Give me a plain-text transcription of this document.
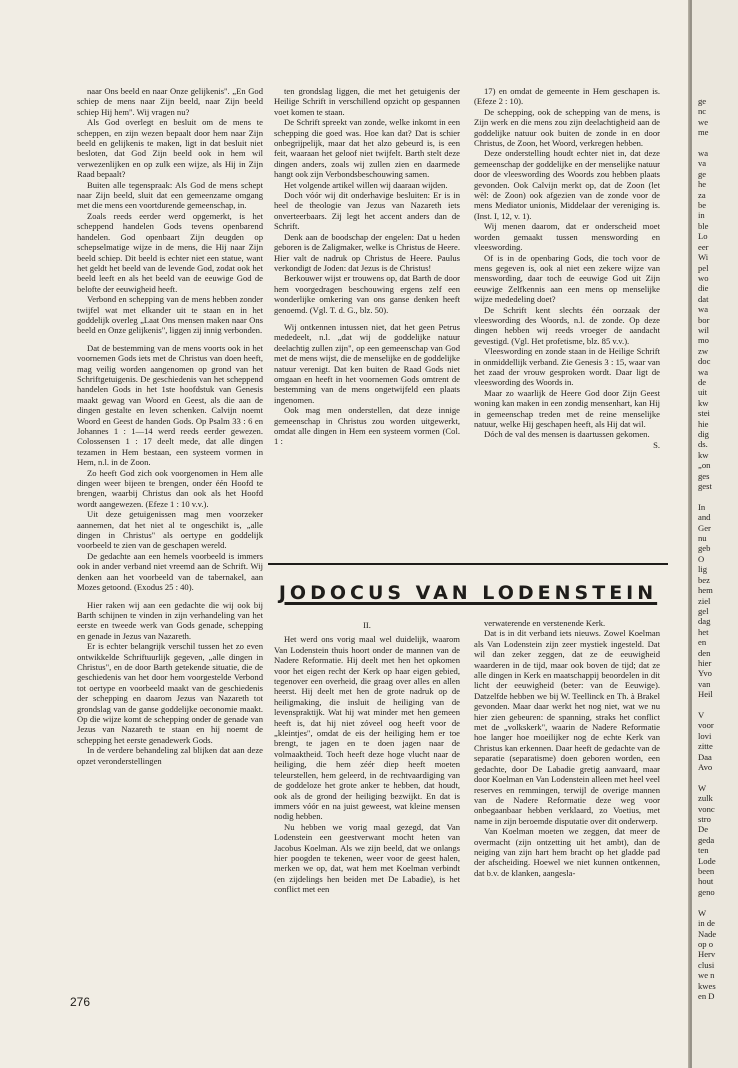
naar Ons beeld en naar Onze gelijkenis". „En God schiep de mens naar Zijn beeld, naar Zijn beeld schiep Hij hem". Wij vragen nu?

Als God overlegt en besluit om de mens te scheppen, en zijn wezen bepaalt door hem naar Zijn beeld en gelijkenis te maken, ligt in dat besluit niet besloten, dat God Zijn beeld ook in hem wil verwezenlijken en op zulk een wijze, als Hij in Zijn Raad bepaalt?

Buiten alle tegenspraak: Als God de mens schept naar Zijn beeld, sluit dat een gemeenzame omgang met die mens een voortdurende gemeenschap, in.

Zoals reeds eerder werd opgemerkt, is het scheppend handelen Gods tevens openbarend handelen. God openbaart Zijn deugden op schepselmatige wijze in de mens, die Hij naar Zijn beeld schiep. Dit beeld is echter niet een statue, want het geldt het beeld van de levende God, zodat ook het beeld leeft en als het beeld van de eeuwige God de belofte der eeuwigheid heeft.

Verbond en schepping van de mens hebben zonder twijfel wat met elkander uit te staan en in het goddelijk overleg „Laat Ons mensen maken naar Ons beeld en Onze gelijkenis", liggen zij innig verbonden.

Dat de bestemming van de mens voorts ook in het voornemen Gods iets met de Christus van doen heeft, mag veilig worden aangenomen op grond van het Schriftgetuigenis. De geschiedenis van het scheppend handelen Gods in het 1ste hoofdstuk van Genesis maakt gewag van Woord en Geest, als die aan de dingen gestalte en leven schenken. Calvijn noemt Woord en Geest de handen Gods. Op Psalm 33 : 6 en Johannes 1 : 1—14 werd reeds eerder gewezen. Colossensen 1 : 17 deelt mede, dat alle dingen tezamen in Hem bestaan, een systeem vormen in Hem, n.l. in de Zoon.

Zo heeft God zich ook voorgenomen in Hem alle dingen weer bijeen te brengen, onder één Hoofd te brengen, waarbij Christus dan ook als het Hoofd wordt aangewezen. (Efeze 1 : 10 v.v.).

Uit deze getuigenissen mag men voorzeker aannemen, dat het niet al te ongeschikt is, „alle dingen in Christus" als oertype en goddelijk voorbeeld te zien van de geschapen wereld.

De gedachte aan een hemels voorbeeld is immers ook in ander verband niet vreemd aan de Schrift. Wij denken aan het voorbeeld van de tabernakel, aan Mozes getoond. (Exodus 25 : 40).

Hier raken wij aan een gedachte die wij ook bij Barth schijnen te vinden in zijn verhandeling van het eerste en tweede werk van Gods genade, schepping en genade in Jezus van Nazareth.

Er is echter belangrijk verschil tussen het zo even ontwikkelde Schriftuurlijk gegeven, „alle dingen in Christus", en de door Barth getekende situatie, die de geschiedenis van het door hem voorgestelde Verbond tot oertype en voorbeeld maakt van de geschiedenis der schepping en daarom Jezus van Nazareth tot grondslag van de ganse goddelijke oeconomie maakt. Op die wijze komt de schepping onder de genade van Jezus van Nazareth te staan en hij noemt de schepping het eerste genadewerk Gods.

In de verdere behandeling zal blijken dat aan deze opzet veronderstellingen

ten grondslag liggen, die met het getuigenis der Heilige Schrift in verschillend opzicht op gespannen voet komen te staan.

De Schrift spreekt van zonde, welke inkomt in een schepping die goed was. Hoe kan dat? Dat is schier onbegrijpelijk, maar dat het alzo gebeurd is, is een feit, waaraan het geloof niet twijfelt. Barth stelt deze dingen anders, zoals wij zullen zien en daarmede hangt ook zijn Verbondsbeschouwing samen.

Het volgende artikel willen wij daaraan wijden.

Doch vóór wij dit onderhavige besluiten: Er is in heel de theologie van Jezus van Nazareth iets onverteerbaars. Zij legt het accent anders dan de Schrift.

Denk aan de boodschap der engelen: Dat u heden geboren is de Zaligmaker, welke is Christus de Heere. Hier valt de nadruk op Christus de Heere. Paulus verkondigt de Joden: dat Jezus is de Christus!

Berkouwer wijst er trouwens op, dat Barth de door hem voorgedragen beschouwing ergens zelf een wonderlijke omkering van ons ganse denken heeft genoemd. (Vgl. T. d. G., blz. 50).

Wij ontkennen intussen niet, dat het geen Petrus mededeelt, n.l. „dat wij de goddelijke natuur deelachtig zullen zijn", op een gemeenschap van God met de mens wijst, die de menselijke en de goddelijke natuur verenigt. Dat ken buiten de Raad Gods niet omgaan en heeft in het voornemen Gods omtrent de bestemming van de mens ongetwijfeld een plaats ingenomen.

Ook mag men onderstellen, dat deze innige gemeenschap in Christus zou worden uitgewerkt, omdat alle dingen in Hem een systeem vormen (Col. 1 :

17) en omdat de gemeente in Hem geschapen is. (Efeze 2 : 10).

De schepping, ook de schepping van de mens, is Zijn werk en die mens zou zijn deelachtigheid aan de goddelijke natuur ook buiten de zonde in en door Christus, de Zoon, het Woord, verkregen hebben.

Deze onderstelling houdt echter niet in, dat deze gemeenschap der goddelijke en der menselijke natuur door de vleeswording des Woords zou hebben plaats gevonden. Ook Calvijn merkt op, dat de Zoon (let wèl: de Zoon) ook afgezien van de zonde voor de mens Mediator unionis, Middelaar der vereniging is. (Inst. I, 12, v. 1).

Wij menen daarom, dat er onderscheid moet worden gemaakt tussen menswording en vleeswording.

Of is in de openbaring Gods, die toch voor de mens gegeven is, ook al niet een zekere wijze van menswording, daar toch de eeuwige God uit Zijn eeuwige Zelfkennis aan een mens op menselijke wijze mededeling doet?

De Schrift kent slechts één oorzaak der vleeswording des Woords, n.l. de zonde. Op deze dingen hebben wij reeds vroeger de aandacht gevestigd. (Vgl. Het profetisme, blz. 85 v.v.).

Vleeswording en zonde staan in de Heilige Schrift in onmiddellijk verband. Zie Genesis 3 : 15, waar van het zaad der vrouw gesproken wordt. Daar ligt de vleeswording des Woords in.

Maar zo waarlijk de Heere God door Zijn Geest woning kan maken in een zondig mensenhart, kan Hij in gemeenschap treden met de reine menselijke natuur, welke Hij geschapen heeft, als Hij dat wil.

Dóch de val des mensen is daartussen gekomen.

S.

JODOCUS VAN LODENSTEIN

II.

Het werd ons vorig maal wel duidelijk, waarom Van Lodenstein thuis hoort onder de mannen van de Nadere Reformatie. Hij deelt met hen het opkomen voor het eigen recht der Kerk op haar eigen gebied, tegenover een overheid, die graag over alles en allen heerst. Hij deelt met hen de grote nadruk op de heiligmaking, die insluit de heiliging van de levenspraktijk. Wat hij wat minder met hen gemeen heeft is, dat hij niet zóveel oog heeft voor de „kleintjes", omdat de eis der heiliging hem er toe brengt, te jagen en te doen jagen naar de volmaaktheid. Toch heeft deze hoge vlucht naar de heiliging, die hem zéér diep heeft moeten teleurstellen, hem geleerd, in de rechtvaardiging van de goddeloze het grote anker te hebben, dat houdt, ook als de grond der heiliging bezwijkt. En dat is immers vóór en na juist geweest, wat kleine mensen nodig hebben.

Nu hebben we vorig maal gezegd, dat Van Lodenstein een geestverwant mocht heten van Jacobus Koelman. Als we zijn beeld, dat we onlangs hier poogden te tekenen, weer voor de geest halen, merken we op, dat, wat hem met Koelman verbindt (en zijdelings hen beiden met De Labadie), is het conflict met een

verwaterende en verstenende Kerk.

Dat is in dit verband iets nieuws. Zowel Koelman als Van Lodenstein zijn zeer mystiek ingesteld. Dat wil dan zeker zeggen, dat ze de eeuwigheid waarderen in de tijd, maar ook boven de tijd; dat ze alle dingen in Kerk en maatschappij beoordelen in dit licht der eeuwigheid (beter: van de Eeuwige). Datzelfde hebben we bij W. Teellinck en Th. à Brakel gevonden. Maar daar werkt het nog niet, wat we nu hier zien gebeuren: de spanning, straks het conflict met de „volkskerk", waarin de Nadere Reformatie hoe langer hoe moeilijker nog de echte Kerk van Christus kan erkennen. Daar heeft de gedachte van de separatie (separatisme) doen geboren worden, een gedachte, door De Labadie gretig aanvaard, maar door Koelman en Van Lodenstein alleen met heel veel reserves en remmingen, terwijl de overige mannen van de Nadere Reformatie deze weg voor onbegaanbaar hebben verklaard, zo Voetius, met name in zijn beroemde disputatie over dit onderwerp.

Van Koelman moeten we zeggen, dat meer de overmacht (zijn ontzetting uit het ambt), dan de neiging van zijn hart hem bracht op het gladde pad der afscheiding. Hoewel we niet kunnen ontkennen, dat b.v. de klanken, aangesla-

276
ge
nc
we
me

wa
va
ge
he
za
be
in
ble
Lo
eer
Wi
pel
wo
die
dat
wa
bor
wil
mo
zw
doc
wa
de
uit
kw
stei
hie
dig
ds.
kw
„on
ges
gest

In
and
Ger
nu
geb
O
lig
bez
hem
ziel
gel
dag
het
en
den
hier
Yvo
van
Heil

V
voor
lovi
zitte
Daa
Avo

W
zulk
vonc
stro
De
geda
ten
Lode
been
hout
geno

W
in de
Nade
op o
Herv
clusi
we n
kwes
en D
